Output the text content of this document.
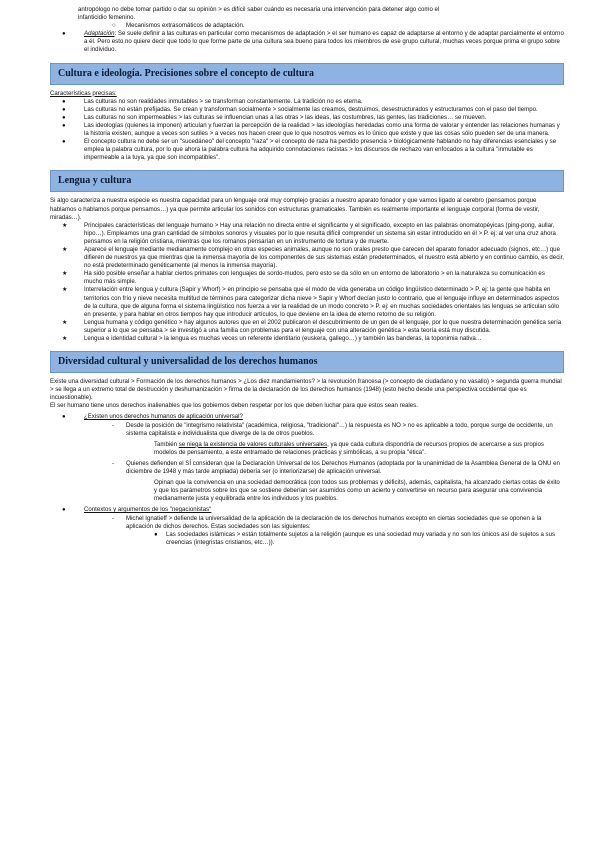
antropólogo no debe tomar partido o dar su opinión > es difícil saber cuándo es necesaria una intervención para detener algo como el

infanticidio femenino.

○ Mecanismos extrasomáticos de adaptación.
●	Adaptación: Se suele definir a las culturas en particular como mecanismos de adaptación > el ser humano es capaz de adaptarse al entorno y de adaptar parcialmente el entorno a él. Pero esto no quiere decir que todo lo que forme parte de una cultura sea bueno para todos los miembros de ese grupo cultural, muchas veces porque prima el grupo sobre el individuo.
Cultura e ideología. Precisiones sobre el concepto de cultura

Características precisas:

●	Las culturas no son realidades inmutables > se transforman constantemente. La tradición no es eterna.
●	Las culturas no están prefijadas. Se crean y transforman socialmente > socialmente las creamos, destruimos, desestructurados y estructuramos con el paso del tiempo.
●	Las culturas no son impermeables > las culturas se influencian unas a las otras > las ideas, las costumbres, las gentes, las tradiciones… se mueven.
●	Las ideologías (quienes la imponen) articulan y fuerzan la percepción de la realidad > las ideologías heredadas como una forma de valorar y entender las relaciones humanas y la historia existen, aunque a veces son sutiles > a veces nos hacen creer que lo que nosotros vemos es lo único que existe y que las cosas sólo pueden ser de una manera.
●	El concepto cultura no debe ser un "sucedáneo" del concepto "raza" > el concepto de raza ha perdido presencia > biológicamente hablando no hay diferencias esenciales y se emplea la palabra cultura, por lo que ahora la palabra cultura ha adquirido connotaciones racistas > los discursos de rechazo van enfocados a la cultura "inmutable es impermeable a la tuya, ya que son incompatibles".
Lengua y cultura

Si algo caracteriza a nuestra especie es nuestra capacidad para un lenguaje oral muy complejo gracias a nuestro aparato fonador y que vamos ligado al cerebro (pensamos porque hablamos o hablamos porque pensamos…) ya que permite articular los sonidos con estructuras gramaticales. También es realmente importante el lenguaje corporal (forma de vestir, miradas…).

★	Principales características del lenguaje humano > Hay una relación no directa entre el significante y el significado, excepto en las palabras onomatopéyicas (ping-pong, aullar, hipo…). Empleamos una gran cantidad de símbolos sonoros y visuales por lo que resulta difícil comprender un sistema sin estar introducido en él > P. ej: al ver una cruz ahora pensamos en la religión cristiana, mientras que los romanos pensarían en un instrumento de tortura y de muerte.
★	Aparece el lenguaje mediante medianamente complejo en otras especies animales, aunque no son orales presto que carecen del aparato fonador adecuado (signos, etc…) que difieren de nuestros ya que mientras que la inmensa mayoría de los componentes de sus sistemas están predeterminados, el nuestro está abierto y en continuo cambio, es decir, no está predeterminado genéticamente (al menos la inmensa mayoría).
★	Ha sido posible enseñar a hablar ciertos primates con lenguajes de sordo-mudos, pero esto se da sólo en un entorno de laboratorio > en la naturaleza su comunicación es mucho más simple.
★	Interrelación entre lengua y cultura (Sapir y Whorf) > en principio se pensaba que el modo de vida generaba un código lingüístico determinado > P. ej: la gente que habita en territorios con frío y nieve necesita multitud de términos para categorizar dicha nieve > Sapir y Whorf decían justo lo contrario, que el lenguaje influye en determinados aspectos de la cultura, que de alguna forma el sistema lingüístico nos fuerza a ver la realidad de un modo concreto > P. ej: en muchas sociedades orientales las lenguas se articulan sólo en presente, y para hablar en otros tiempos hay que introducir artículos, lo que deviene en la idea de eterno retorno de su religión.
★	Lengua humana y código genético > hay algunos autores que en el 2002 publicaron el descubrimiento de un gen de el lenguaje, por lo que nuestra determinación genética sería superior a lo que se pensaba > se investigó a una familia con problemas para el lenguaje con una alteración genética > esta teoría está muy discutida.
★	Lengua e identidad cultural > la lengua es muchas veces un referente identitario (euskera, gallego…) y también las banderas, la toponimia nativa…
Diversidad cultural y universalidad de los derechos humanos

Existe una diversidad cultural > Formación de los derechos humanos > ¿Los diez mandamientos? > la revolución francesa (> concepto de ciudadano y no vasallo) > segunda guerra mundial > se llega a un extremo total de destrucción y deshumanización > firma de la declaración de los derechos humanos (1948) (esto hecho desde una perspectiva occidental que es incuestionable).

El ser humano tiene unos derechos inalienables que los gobiernos deben respetar por los que deben luchar para que estos sean reales.

●	¿Existen unos derechos humanos de aplicación universal?
- Desde la posición de "integrismo relativista" (académica, religiosa, "tradicional"…) la respuesta es NO > no es aplicable a todo, porque surge de occidente, un sistema capitalista e individualista que diverge de la de otros pueblos.

También se niega la existencia de valores culturales universales, ya que cada cultura dispondría de recursos propios de acercarse a sus propios modelos de pensamiento, a este entramado de relaciones prácticas y simbólicas, a su propia "ética".

- Quienes defienden el SÍ consideran que la Declaración Universal de los Derechos Humanos (adoptada por la unanimidad de la Asamblea General de la ONU en diciembre de 1948 y más tarde ampliada) debería ser (o interiorizarse) de aplicación universal.

Opinan que la convivencia en una sociedad democrática (con todos sus problemas y déficits), además, capitalista, ha alcanzado ciertas cotas de éxito y que los parámetros sobre los que se sostiene deberían ser asumidos como un acierto y convertirse en recurso para asegurar una convivencia medianamente justa y equilibrada entre los individuos y los pueblos.

●	Contextos y argumentos de los "negacionistas"
- Michel Ignatieff > defiende la universalidad de la aplicación de la declaración de los derechos humanos excepto en ciertas sociedades que se oponen a la aplicación de dichos derechos. Estas sociedades son las siguientes:
● Las sociedades islámicas > están totalmente sujetos a la religión (aunque es una sociedad muy variada y no son los únicos así de sujetos a sus creencias (integristas cristianos, etc…)).
